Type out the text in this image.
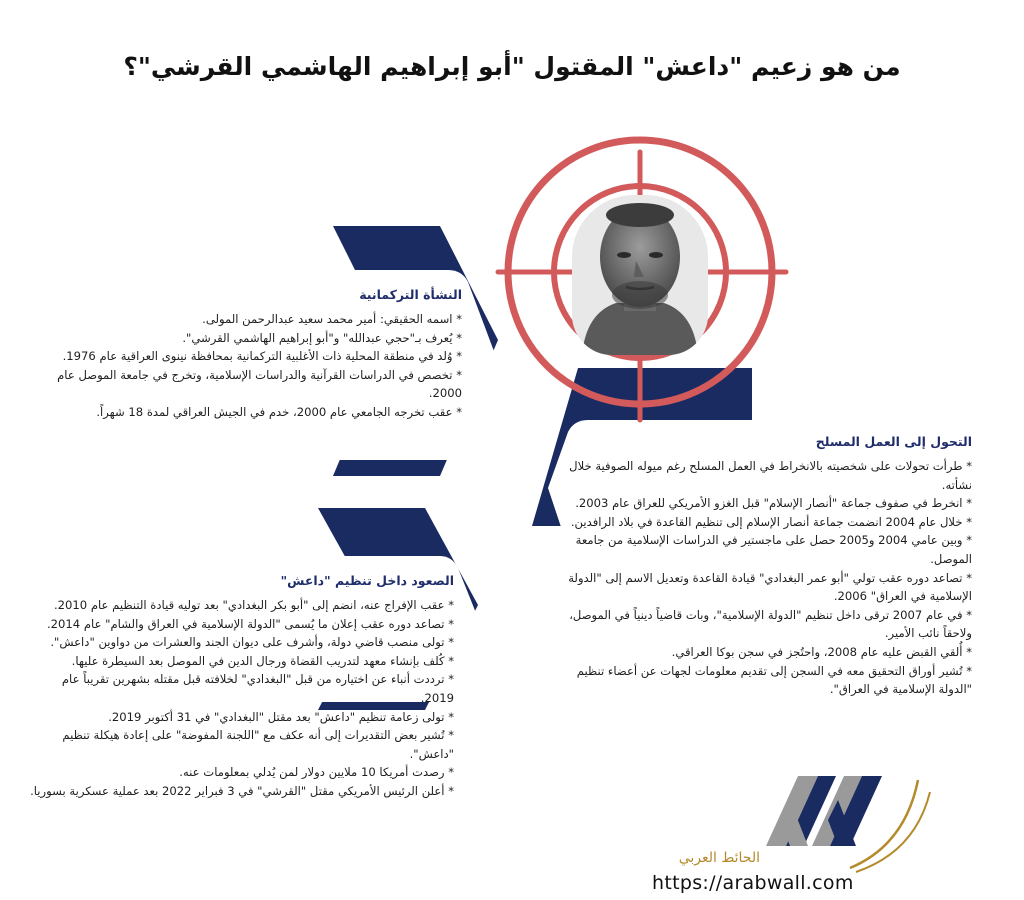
من هو زعيم "داعش" المقتول "أبو إبراهيم الهاشمي القرشي"؟
النشأة التركمانية
* اسمه الحقيقي: أمير محمد سعيد عبدالرحمن المولى.
* يُعرف بـ"حجي عبدالله" و"أبو إبراهيم الهاشمي القرشي".
* وُلد في منطقة المحلية ذات الأغلبية التركمانية بمحافظة نينوى العراقية عام 1976.
* تخصص في الدراسات القرآنية والدراسات الإسلامية، وتخرج في جامعة الموصل عام 2000.
* عقب تخرجه الجامعي عام 2000، خدم في الجيش العراقي لمدة 18 شهراً.
التحول إلى العمل المسلح
* طرأت تحولات على شخصيته بالانخراط في العمل المسلح رغم ميوله الصوفية خلال نشأته.
* انخرط في صفوف جماعة "أنصار الإسلام" قبل الغزو الأمريكي للعراق عام 2003.
* خلال عام 2004 انضمت جماعة أنصار الإسلام إلى تنظيم القاعدة في بلاد الرافدين.
* وبين عامي 2004 و2005 حصل على ماجستير في الدراسات الإسلامية من جامعة الموصل.
* تصاعد دوره عقب تولي "أبو عمر البغدادي" قيادة القاعدة وتعديل الاسم إلى "الدولة الإسلامية في العراق" 2006.
* في عام 2007 ترقى داخل تنظيم "الدولة الإسلامية"، وبات قاضياً دينياً في الموصل، ولاحقاً نائب الأمير.
* أُلقي القبض عليه عام 2008، واحتُجز في سجن بوكا العراقي.
* تُشير أوراق التحقيق معه في السجن إلى تقديم معلومات لجهات عن أعضاء تنظيم "الدولة الإسلامية في العراق".
الصعود داخل تنظيم "داعش"
* عقب الإفراج عنه، انضم إلى "أبو بكر البغدادي" بعد توليه قيادة التنظيم عام 2010.
* تصاعد دوره عقب إعلان ما يُسمى "الدولة الإسلامية في العراق والشام" عام 2014.
* تولى منصب قاضي دولة، وأشرف على ديوان الجند والعشرات من دواوين "داعش".
* كُلف بإنشاء معهد لتدريب القضاة ورجال الدين في الموصل بعد السيطرة عليها.
* ترددت أنباء عن اختياره من قبل "البغدادي" لخلافته قبل مقتله بشهرين تقريباً عام 2019.
* تولى زعامة تنظيم "داعش" بعد مقتل "البغدادي" في 31 أكتوبر 2019.
* تُشير بعض التقديرات إلى أنه عكف مع "اللجنة المفوضة" على إعادة هيكلة تنظيم "داعش".
* رصدت أمريكا 10 ملايين دولار لمن يُدلي بمعلومات عنه.
* أعلن الرئيس الأمريكي مقتل "القرشي" في 3 فبراير 2022 بعد عملية عسكرية بسوريا.
الحائط العربي
https://arabwall.com
